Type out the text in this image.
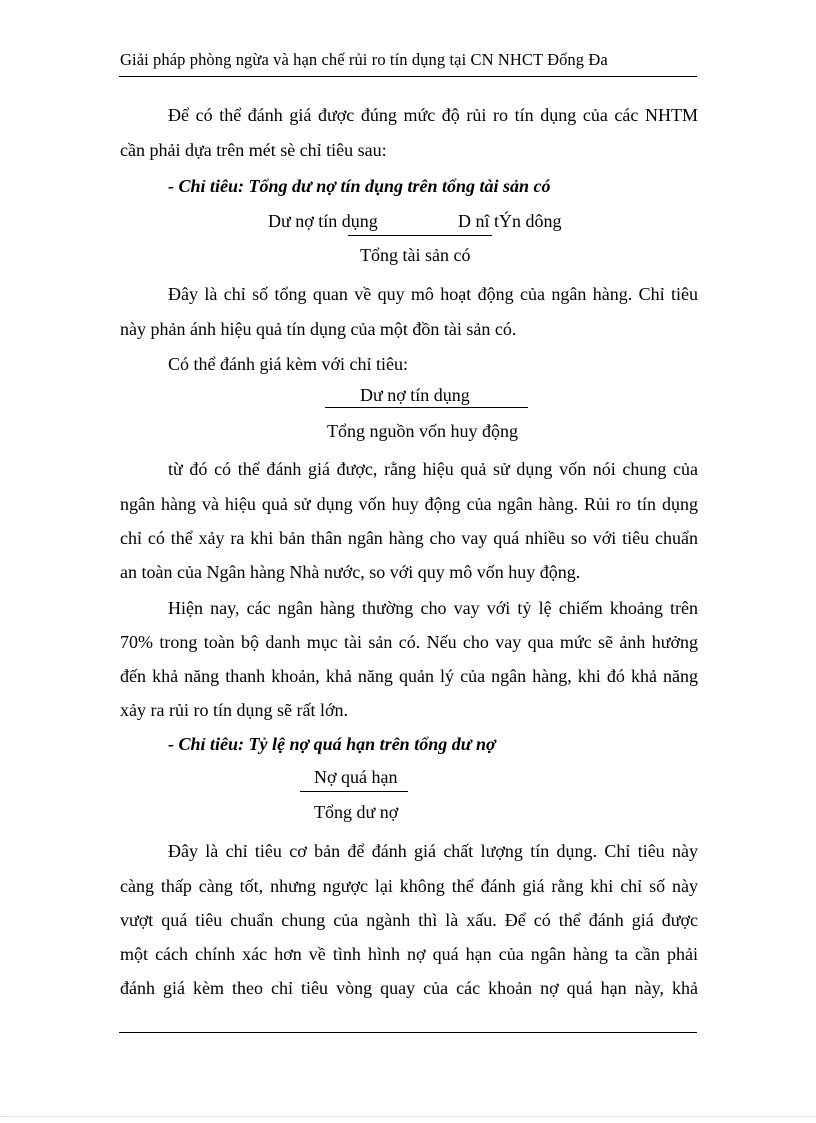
Giải pháp phòng ngừa và hạn chế rủi ro tín dụng tại CN NHCT Đống Đa
Để có thể đánh giá được đúng mức độ rủi ro tín dụng của các NHTM
cần phải dựa trên mét sè chỉ tiêu sau:
- Chỉ tiêu: Tổng dư nợ tín dụng trên tổng tài sản có
Dư nợ tín dụng	D nî tÝn dông
Tổng tài sản có
Đây là chỉ số tổng quan về quy mô hoạt động của ngân hàng. Chỉ tiêu
này phản ánh hiệu quả tín dụng của một đồn tài sản có.
Có thể đánh giá kèm với chỉ tiêu:
Dư nợ tín dụng
Tổng nguồn vốn huy động
từ đó có thể đánh giá được, rằng hiệu quả sử dụng vốn nói chung của
ngân hàng và hiệu quả sử dụng vốn huy động của ngân hàng. Rủi ro tín dụng
chỉ có thể xảy ra khi bản thân ngân hàng cho vay quá nhiều so với tiêu chuẩn
an toàn của Ngân hàng Nhà nước, so với quy mô vốn huy động.
Hiện nay, các ngân hàng thường cho vay với tỷ lệ chiếm khoảng trên
70% trong toàn bộ danh mục tài sản có. Nếu cho vay qua mức sẽ ảnh hưởng
đến khả năng thanh khoản, khả năng quản lý của ngân hàng, khi đó khả năng
xảy ra rủi ro tín dụng sẽ rất lớn.
- Chỉ tiêu: Tỷ lệ nợ quá hạn trên tổng dư nợ
Nợ quá hạn
Tổng dư nợ
Đây là chỉ tiêu cơ bản để đánh giá chất lượng tín dụng. Chỉ tiêu này
càng thấp càng tốt, nhưng ngược lại không thể đánh giá rằng khi chỉ số này
vượt quá tiêu chuẩn chung của ngành thì là xấu. Để có thể đánh giá được
một cách chính xác hơn về tình hình nợ quá hạn của ngân hàng ta cần phải
đánh giá kèm theo chỉ tiêu vòng quay của các khoản nợ quá hạn này, khả
